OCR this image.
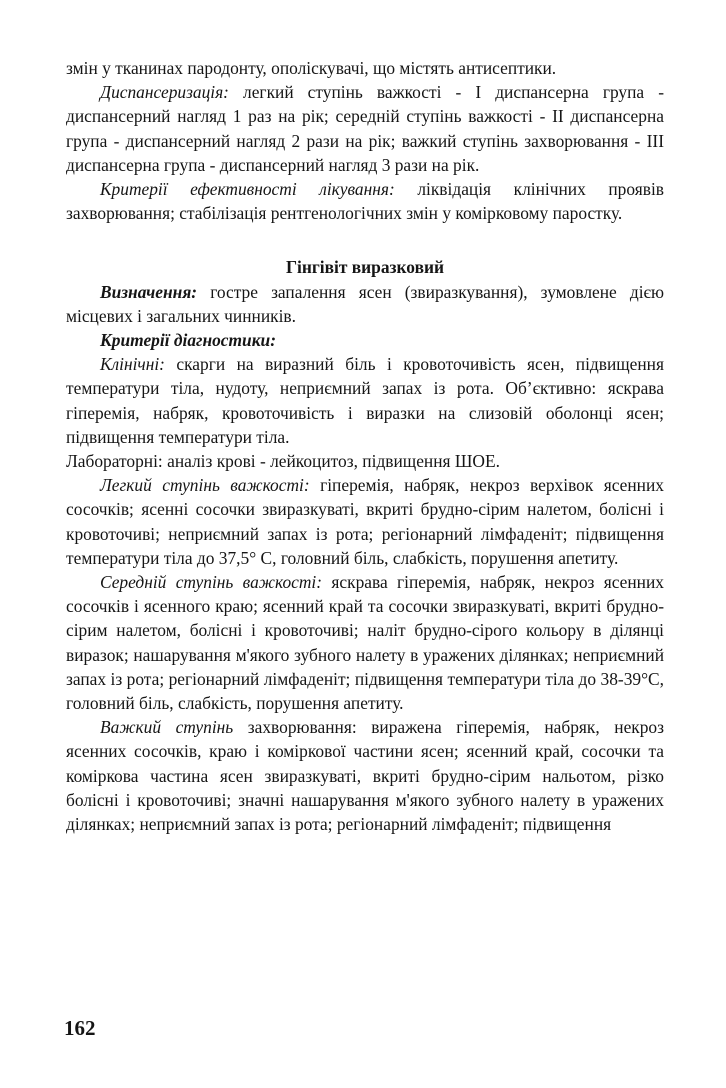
змін у тканинах пародонту, ополіскувачі, що містять антисептики.

Диспансеризація: легкий ступінь важкості - І диспансерна група - диспансерний нагляд 1 раз на рік; середній ступінь важкості - ІІ диспансерна група - диспансерний нагляд 2 рази на рік; важкий ступінь захворювання - ІІІ диспансерна група - диспансерний нагляд 3 рази на рік.

Критерії ефективності лікування: ліквідація клінічних проявів захворювання; стабілізація рентгенологічних змін у комірковому паростку.

Гінгівіт виразковий

Визначення: гостре запалення ясен (звиразкування), зумовлене дією місцевих і загальних чинників.

Критерії діагностики:

Клінічні: скарги на виразний біль і кровоточивість ясен, підвищення температури тіла, нудоту, неприємний запах із рота. Об’єктивно: яскрава гіперемія, набряк, кровоточивість і виразки на слизовій оболонці ясен; підвищення температури тіла.

Лабораторні: аналіз крові - лейкоцитоз, підвищення ШОЕ.

Легкий ступінь важкості: гіперемія, набряк, некроз верхівок ясенних сосочків; ясенні сосочки звиразкуваті, вкриті брудно-сірим налетом, болісні і кровоточиві; неприємний запах із рота; регіонарний лімфаденіт; підвищення температури тіла до 37,5° С, головний біль, слабкість, порушення апетиту.

Середній ступінь важкості: яскрава гіперемія, набряк, некроз ясенних сосочків і ясенного краю; ясенний край та сосочки звиразкуваті, вкриті брудно-сірим налетом, болісні і кровоточиві; наліт брудно-сірого кольору в ділянці виразок; нашарування м'якого зубного налету в уражених ділянках; неприємний запах із рота; регіонарний лімфаденіт; підвищення температури тіла до 38-39°С, головний біль, слабкість, порушення апетиту.

Важкий ступінь захворювання: виражена гіперемія, набряк, некроз ясенних сосочків, краю і коміркової частини ясен; ясенний край, сосочки та коміркова частина ясен звиразкуваті, вкриті брудно-сірим нальотом, різко болісні і кровоточиві; значні нашарування м'якого зубного налету в уражених ділянках; неприємний запах із рота; регіонарний лімфаденіт; підвищення

162
